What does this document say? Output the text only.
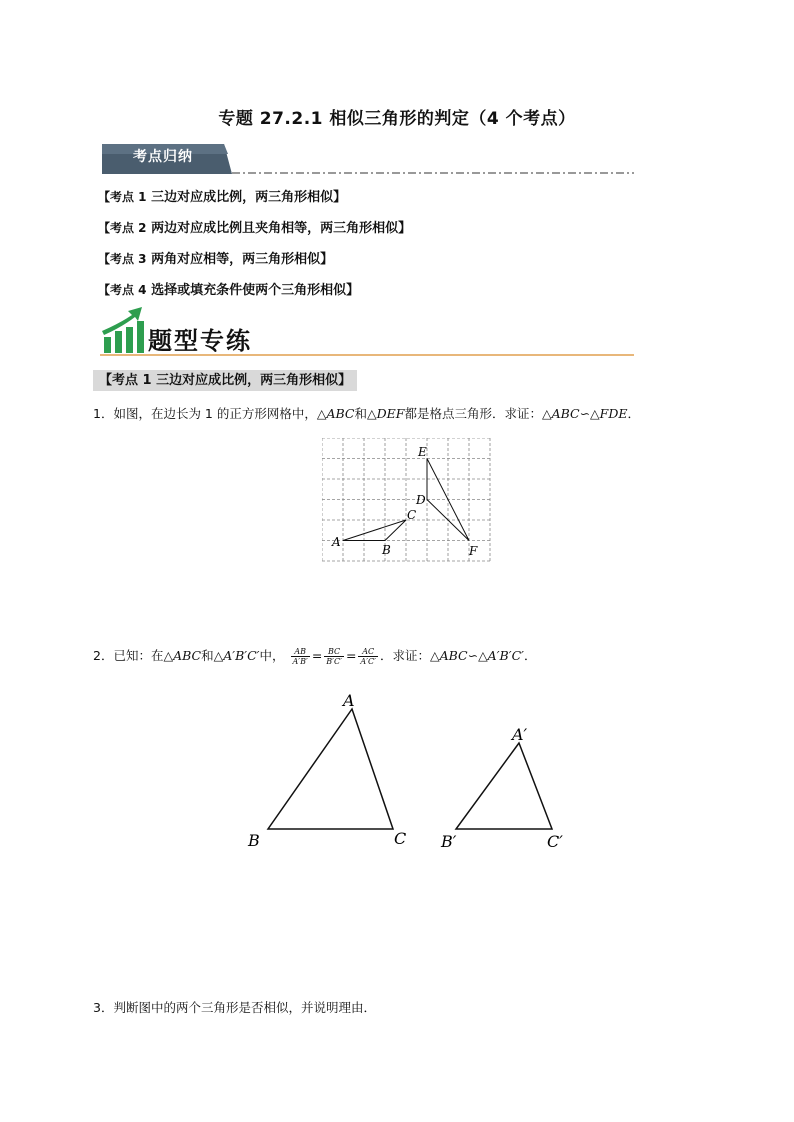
专题 27.2.1 相似三角形的判定（4 个考点）
考点归纳
【考点 1 三边对应成比例，两三角形相似】
【考点 2 两边对应成比例且夹角相等，两三角形相似】
【考点 3 两角对应相等，两三角形相似】
【考点 4 选择或填充条件使两个三角形相似】
题型专练
【考点 1 三边对应成比例，两三角形相似】
1．如图，在边长为 1 的正方形网格中，△ABC和△DEF都是格点三角形．求证：△ABC∽△FDE．
A
B
C
D
E
F
2．已知：在△ABC和△A′B′C′中， $\frac{AB}{A'B'} = \frac{BC}{B'C'} = \frac{AC}{A'C'}$ ．求证：△ABC∽△A′B′C′．
A
B	C
A′
B′	C′
3．判断图中的两个三角形是否相似，并说明理由．
